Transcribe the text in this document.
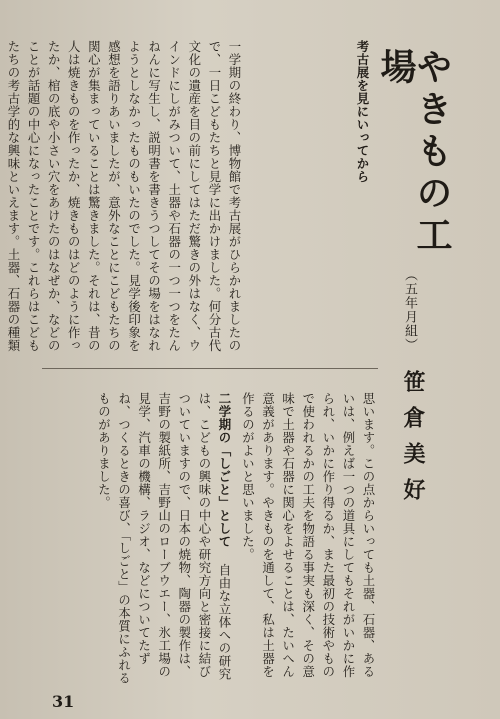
やきもの工場
（五年月組）
笹倉美好
考古展を見にいってから
一学期の終わり、博物館で考古展がひらかれましたので、一日こどもたちと見学に出かけました。何分古代文化の遺産を目の前にしてはただ驚きの外はなく、ウインドにしがみついて、土器や石器の一つ一つをたんねんに写生し、説明書を書きうつしてその場をはなれようとしなかったものもいたのでした。見学後印象を感想を語りあいましたが、意外なことにこどもたちの関心が集まっていることは驚きました。それは、昔の人は焼きものを作ったか、焼きものはどのように作ったか、棺の底や小さい穴をあけたのはなぜか、などのことが話題の中心になったことです。これらはこどもたちの考古学的な興味といえます。土器、石器の種類
思います。この点からいっても土器、石器、あるいは、例えば一つの道具にしてもそれがいかに作られ、いかに作り得るか、また最初の技術やもので使われるかの工夫を物語る事実も深く、その意味で土器や石器に関心をよせることは、たいへん意義があります。やきものを通して、私は土器を作るのがよいと思いました。
二学期の「しごと」として 自由な立体への研究は、こどもの興味の中心や研究方向と密接に結びついていますので、日本の焼物、陶器の製作は、吉野の製紙所、吉野山のローブウエー、氷工場の見学、汽車の機構、ラジオ、などについてたずね、つくるときの喜び、「しごと」の本質にふれるものがありました。
31
